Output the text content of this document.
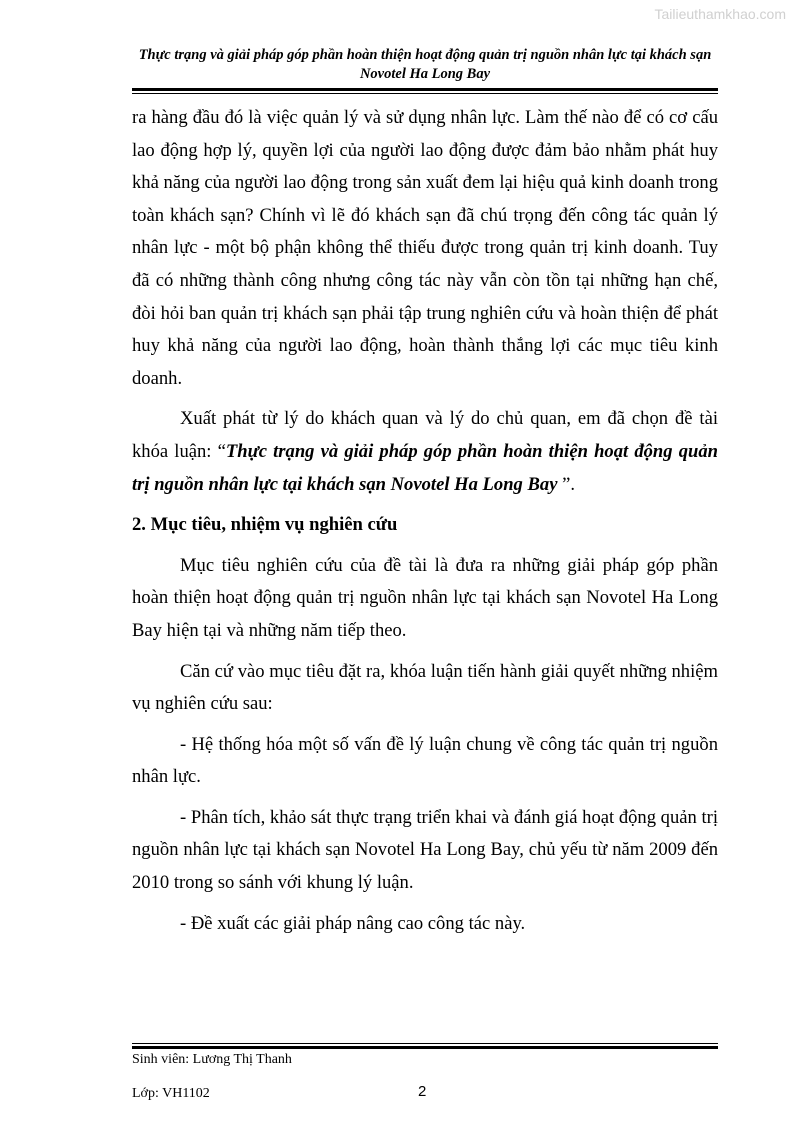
Tailieuthamkhao.com
Thực trạng và giải pháp góp phần hoàn thiện hoạt động quản trị nguồn nhân lực tại khách sạn
Novotel Ha Long Bay

ra hàng đầu đó là việc quản lý và sử dụng nhân lực. Làm thế nào để có cơ cấu lao động hợp lý, quyền lợi của người lao động được đảm bảo nhằm phát huy khả năng của người lao động trong sản xuất đem lại hiệu quả kinh doanh trong toàn khách sạn? Chính vì lẽ đó khách sạn đã chú trọng đến công tác quản lý nhân lực - một bộ phận không thể thiếu được trong quản trị kinh doanh. Tuy đã có những thành công nhưng công tác này vẫn còn tồn tại những hạn chế, đòi hỏi ban quản trị khách sạn phải tập trung nghiên cứu và hoàn thiện để phát huy khả năng của người lao động, hoàn thành thắng lợi các mục tiêu kinh doanh.

Xuất phát từ lý do khách quan và lý do chủ quan, em đã chọn đề tài khóa luận: “Thực trạng và giải pháp góp phần hoàn thiện hoạt động quản trị nguồn nhân lực tại khách sạn Novotel Ha Long Bay ”.

2. Mục tiêu, nhiệm vụ nghiên cứu

Mục tiêu nghiên cứu của đề tài là đưa ra những giải pháp góp phần hoàn thiện hoạt động quản trị nguồn nhân lực tại khách sạn Novotel Ha Long Bay hiện tại và những năm tiếp theo.

Căn cứ vào mục tiêu đặt ra, khóa luận tiến hành giải quyết những nhiệm vụ nghiên cứu sau:

- Hệ thống hóa một số vấn đề lý luận chung về công tác quản trị nguồn nhân lực.

- Phân tích, khảo sát thực trạng triển khai và đánh giá hoạt động quản trị nguồn nhân lực tại khách sạn Novotel Ha Long Bay, chủ yếu từ năm 2009 đến 2010 trong so sánh với khung lý luận.

- Đề xuất các giải pháp nâng cao công tác này.

Sinh viên: Lương Thị Thanh
Lớp: VH1102	2
